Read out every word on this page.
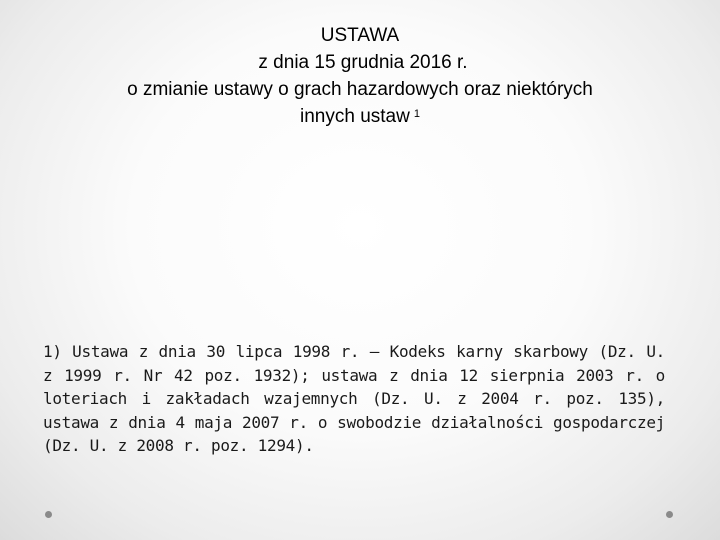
USTAWA
z dnia 15 grudnia 2016 r.
o zmianie ustawy o grach hazardowych oraz niektórych
innych ustaw $^1$
1) Ustawa z dnia 30 lipca 1998 r. – Kodeks karny skarbowy (Dz. U. z 1999 r. Nr 42 poz. 1932); ustawa z dnia 12 sierpnia 2003 r. o loteriach i zakładach wzajemnych (Dz. U. z 2004 r. poz. 135), ustawa z dnia 4 maja 2007 r. o swobodzie działalności gospodarczej (Dz. U. z 2008 r. poz. 1294).
